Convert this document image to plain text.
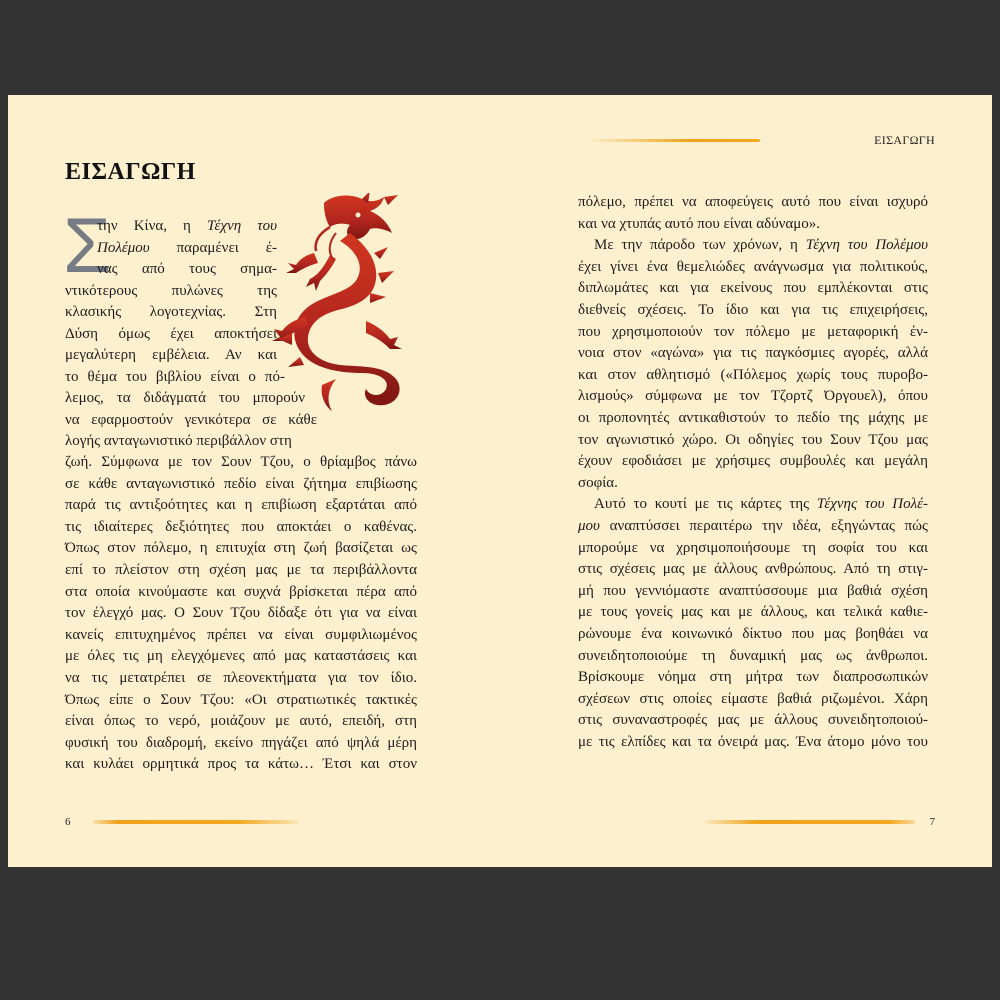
ΕΙΣΑΓΩΓΗ
Σ
την Κίνα, η Τέχνη του
Πολέμου παραμένει έ-
νας από τους σημα-
ντικότερους πυλώνες της
κλασικής λογοτεχνίας. Στη
Δύση όμως έχει αποκτήσει
μεγαλύτερη εμβέλεια. Αν και
το θέμα του βιβλίου είναι ο πό-
λεμος, τα διδάγματά του μπορούν
να εφαρμοστούν γενικότερα σε κάθε
λογής ανταγωνιστικό περιβάλλον στη
ζωή. Σύμφωνα με τον Σουν Τζου, ο θρίαμβος πάνω
σε κάθε ανταγωνιστικό πεδίο είναι ζήτημα επιβίωσης
παρά τις αντιξοότητες και η επιβίωση εξαρτάται από
τις ιδιαίτερες δεξιότητες που αποκτάει ο καθένας.
Όπως στον πόλεμο, η επιτυχία στη ζωή βασίζεται ως
επί το πλείστον στη σχέση μας με τα περιβάλλοντα
στα οποία κινούμαστε και συχνά βρίσκεται πέρα από
τον έλεγχό μας. Ο Σουν Τζου δίδαξε ότι για να είναι
κανείς επιτυχημένος πρέπει να είναι συμφιλιωμένος
με όλες τις μη ελεγχόμενες από μας καταστάσεις και
να τις μετατρέπει σε πλεονεκτήματα για τον ίδιο.
Όπως είπε ο Σουν Τζου: «Οι στρατιωτικές τακτικές
είναι όπως το νερό, μοιάζουν με αυτό, επειδή, στη
φυσική του διαδρομή, εκείνο πηγάζει από ψηλά μέρη
και κυλάει ορμητικά προς τα κάτω… Έτσι και στον
6
ΕΙΣΑΓΩΓΗ
πόλεμο, πρέπει να αποφεύγεις αυτό που είναι ισχυρό
και να χτυπάς αυτό που είναι αδύναμο».
Με την πάροδο των χρόνων, η Τέχνη του Πολέμου
έχει γίνει ένα θεμελιώδες ανάγνωσμα για πολιτικούς,
διπλωμάτες και για εκείνους που εμπλέκονται στις
διεθνείς σχέσεις. Το ίδιο και για τις επιχειρήσεις,
που χρησιμοποιούν τον πόλεμο με μεταφορική έν-
νοια στον «αγώνα» για τις παγκόσμιες αγορές, αλλά
και στον αθλητισμό («Πόλεμος χωρίς τους πυροβο-
λισμούς» σύμφωνα με τον Τζορτζ Όργουελ), όπου
οι προπονητές αντικαθιστούν το πεδίο της μάχης με
τον αγωνιστικό χώρο. Οι οδηγίες του Σουν Τζου μας
έχουν εφοδιάσει με χρήσιμες συμβουλές και μεγάλη
σοφία.
Αυτό το κουτί με τις κάρτες της Τέχνης του Πολέ-
μου αναπτύσσει περαιτέρω την ιδέα, εξηγώντας πώς
μπορούμε να χρησιμοποιήσουμε τη σοφία του και
στις σχέσεις μας με άλλους ανθρώπους. Από τη στιγ-
μή που γεννιόμαστε αναπτύσσουμε μια βαθιά σχέση
με τους γονείς μας και με άλλους, και τελικά καθιε-
ρώνουμε ένα κοινωνικό δίκτυο που μας βοηθάει να
συνειδητοποιούμε τη δυναμική μας ως άνθρωποι.
Βρίσκουμε νόημα στη μήτρα των διαπροσωπικών
σχέσεων στις οποίες είμαστε βαθιά ριζωμένοι. Χάρη
στις συναναστροφές μας με άλλους συνειδητοποιού-
με τις ελπίδες και τα όνειρά μας. Ένα άτομο μόνο του
7
